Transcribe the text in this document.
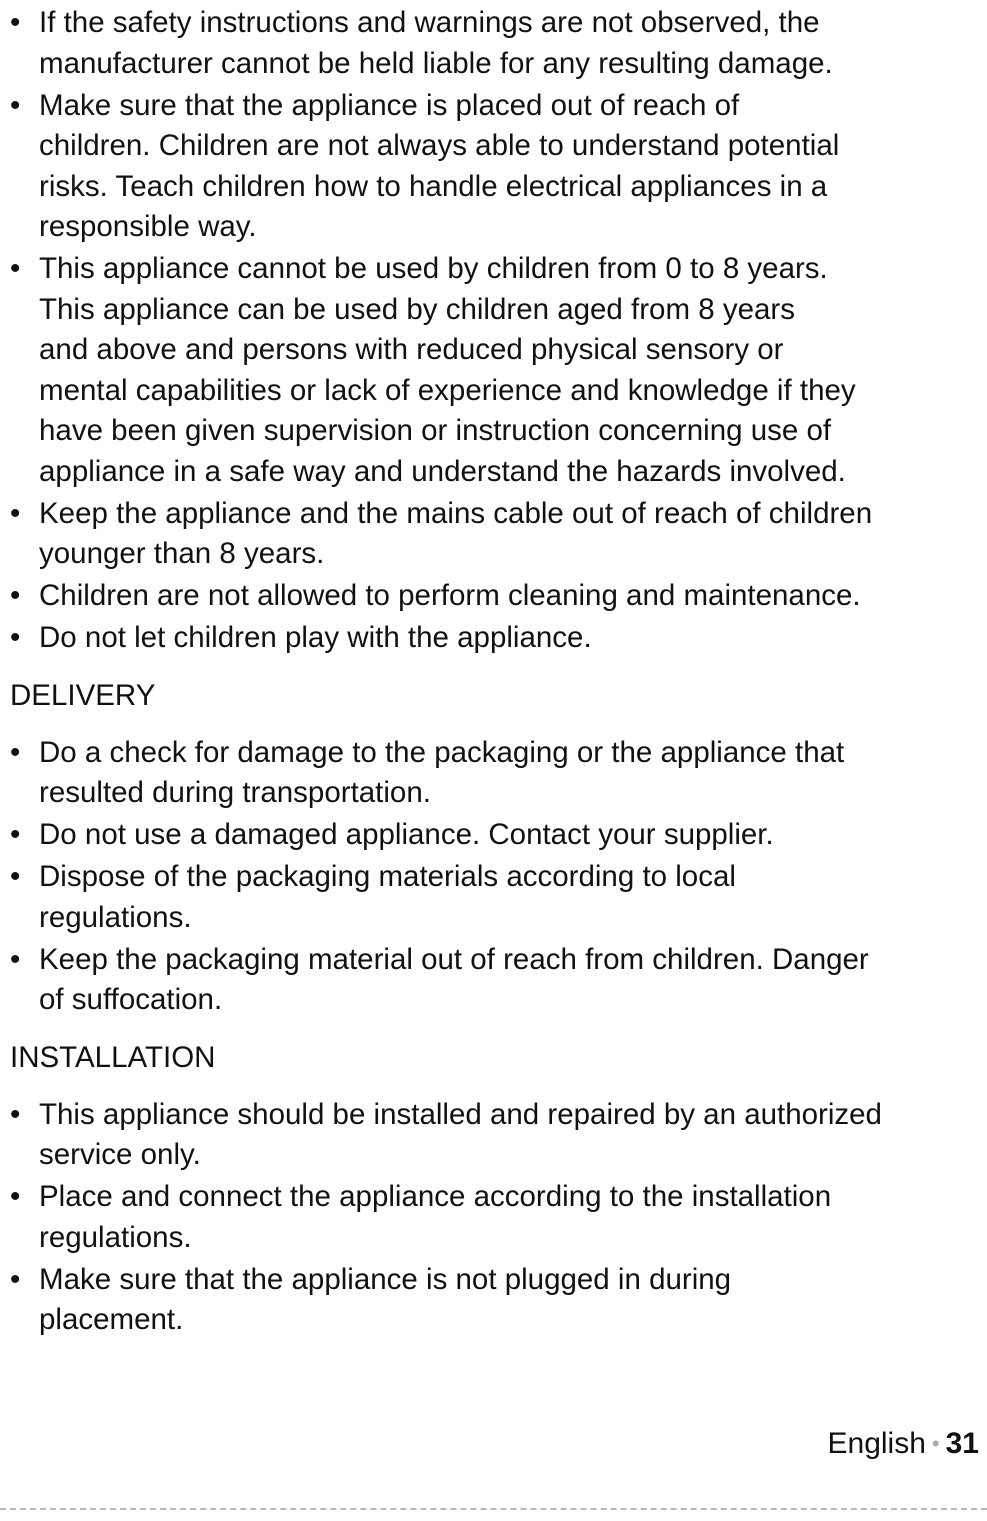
• If the safety instructions and warnings are not observed, the
manufacturer cannot be held liable for any resulting damage.
• Make sure that the appliance is placed out of reach of
children. Children are not always able to understand potential
risks. Teach children how to handle electrical appliances in a
responsible way.
• This appliance cannot be used by children from 0 to 8 years.
This appliance can be used by children aged from 8 years
and above and persons with reduced physical sensory or
mental capabilities or lack of experience and knowledge if they
have been given supervision or instruction concerning use of
appliance in a safe way and understand the hazards involved.
• Keep the appliance and the mains cable out of reach of children
younger than 8 years.
• Children are not allowed to perform cleaning and maintenance.
• Do not let children play with the appliance.
DELIVERY
• Do a check for damage to the packaging or the appliance that
resulted during transportation.
• Do not use a damaged appliance. Contact your supplier.
• Dispose of the packaging materials according to local
regulations.
• Keep the packaging material out of reach from children. Danger
of suffocation.
INSTALLATION
• This appliance should be installed and repaired by an authorized
service only.
• Place and connect the appliance according to the installation
regulations.
• Make sure that the appliance is not plugged in during
placement.
English • 31
